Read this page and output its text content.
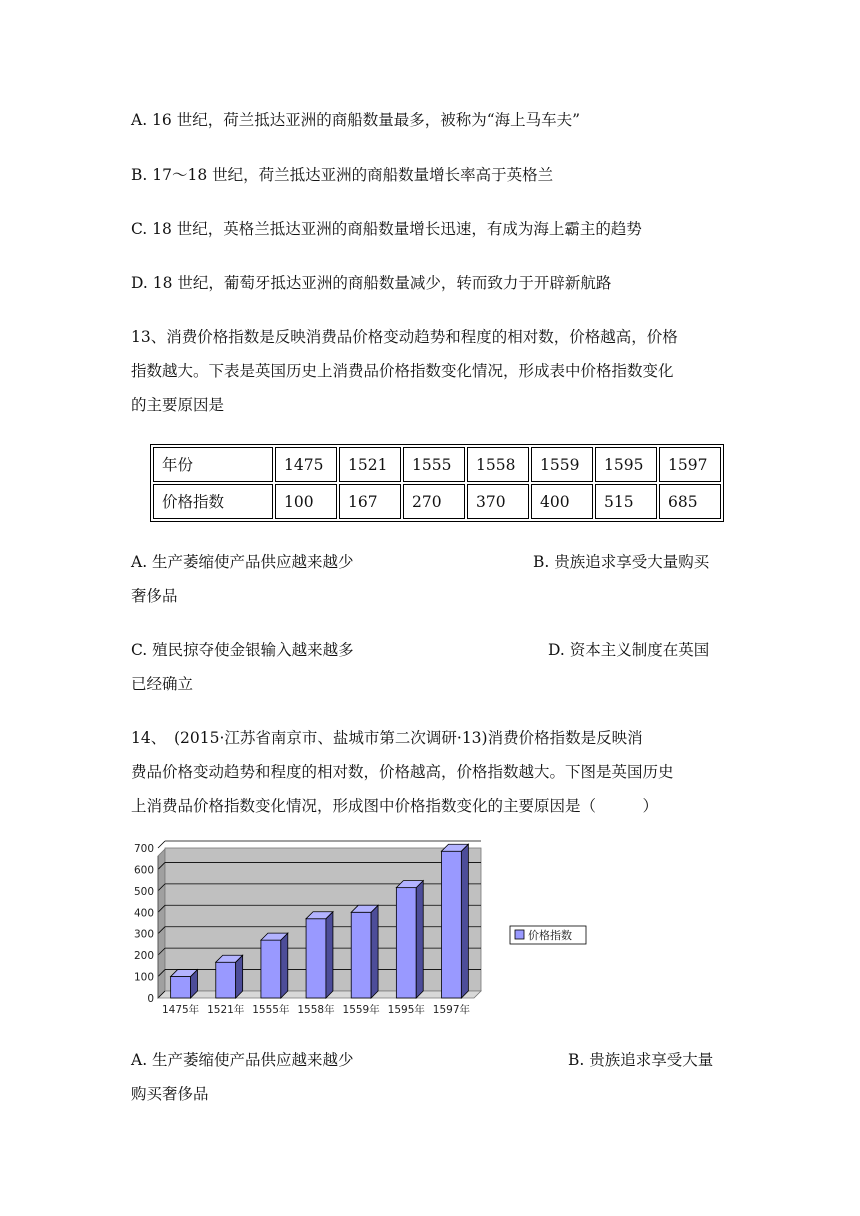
A. 16 世纪，荷兰抵达亚洲的商船数量最多，被称为“海上马车夫”
B. 17～18 世纪，荷兰抵达亚洲的商船数量增长率高于英格兰
C. 18 世纪，英格兰抵达亚洲的商船数量增长迅速，有成为海上霸主的趋势
D. 18 世纪，葡萄牙抵达亚洲的商船数量减少，转而致力于开辟新航路
13、消费价格指数是反映消费品价格变动趋势和程度的相对数，价格越高，价格
指数越大。下表是英国历史上消费品价格指数变化情况，形成表中价格指数变化
的主要原因是
年份	1475	1521	1555	1558	1559	1595	1597
价格指数	100	167	270	370	400	515	685
A. 生产萎缩使产品供应越来越少	B. 贵族追求享受大量购买
奢侈品
C. 殖民掠夺使金银输入越来越多	D. 资本主义制度在英国
已经确立
14、　(2015·江苏省南京市、盐城市第二次调研·13)消费价格指数是反映消
费品价格变动趋势和程度的相对数，价格越高，价格指数越大。下图是英国历史
上消费品价格指数变化情况，形成图中价格指数变化的主要原因是（　　　）
0
100
200
300
400
500
600
700
1475年 1521年 1555年 1558年 1559年 1595年 1597年
价格指数
A. 生产萎缩使产品供应越来越少	B. 贵族追求享受大量
购买奢侈品
